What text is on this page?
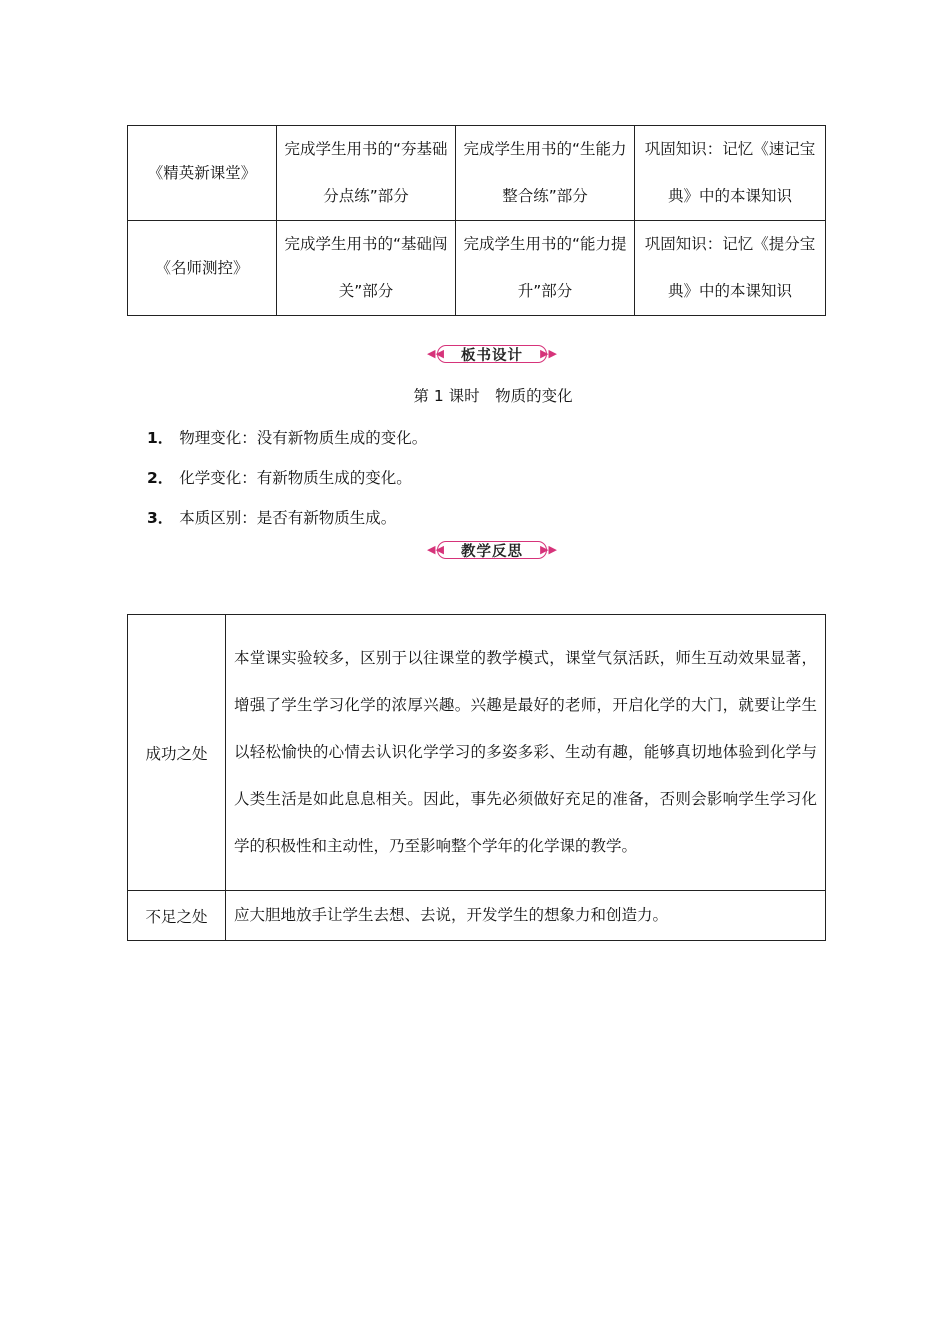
《精英新课堂》	完成学生用书的“夯基础 分点练”部分	完成学生用书的“生能力 整合练”部分	巩固知识：记忆《速记宝典》中的本课知识
《名师测控》	完成学生用书的“基础闯关”部分	完成学生用书的“能力提升”部分	巩固知识：记忆《提分宝典》中的本课知识
◀◀ 板书设计 ▶▶
第 1 课时　物质的变化
1． 物理变化：没有新物质生成的变化。
2． 化学变化：有新物质生成的变化。
3． 本质区别：是否有新物质生成。
◀◀ 教学反思 ▶▶
成功之处	本堂课实验较多，区别于以往课堂的教学模式，课堂气氛活跃，师生互动效果显著，增强了学生学习化学的浓厚兴趣。兴趣是最好的老师，开启化学的大门，就要让学生以轻松愉快的心情去认识化学学习的多姿多彩、生动有趣，能够真切地体验到化学与人类生活是如此息息相关。因此，事先必须做好充足的准备，否则会影响学生学习化学的积极性和主动性，乃至影响整个学年的化学课的教学。
不足之处	应大胆地放手让学生去想、去说，开发学生的想象力和创造力。
